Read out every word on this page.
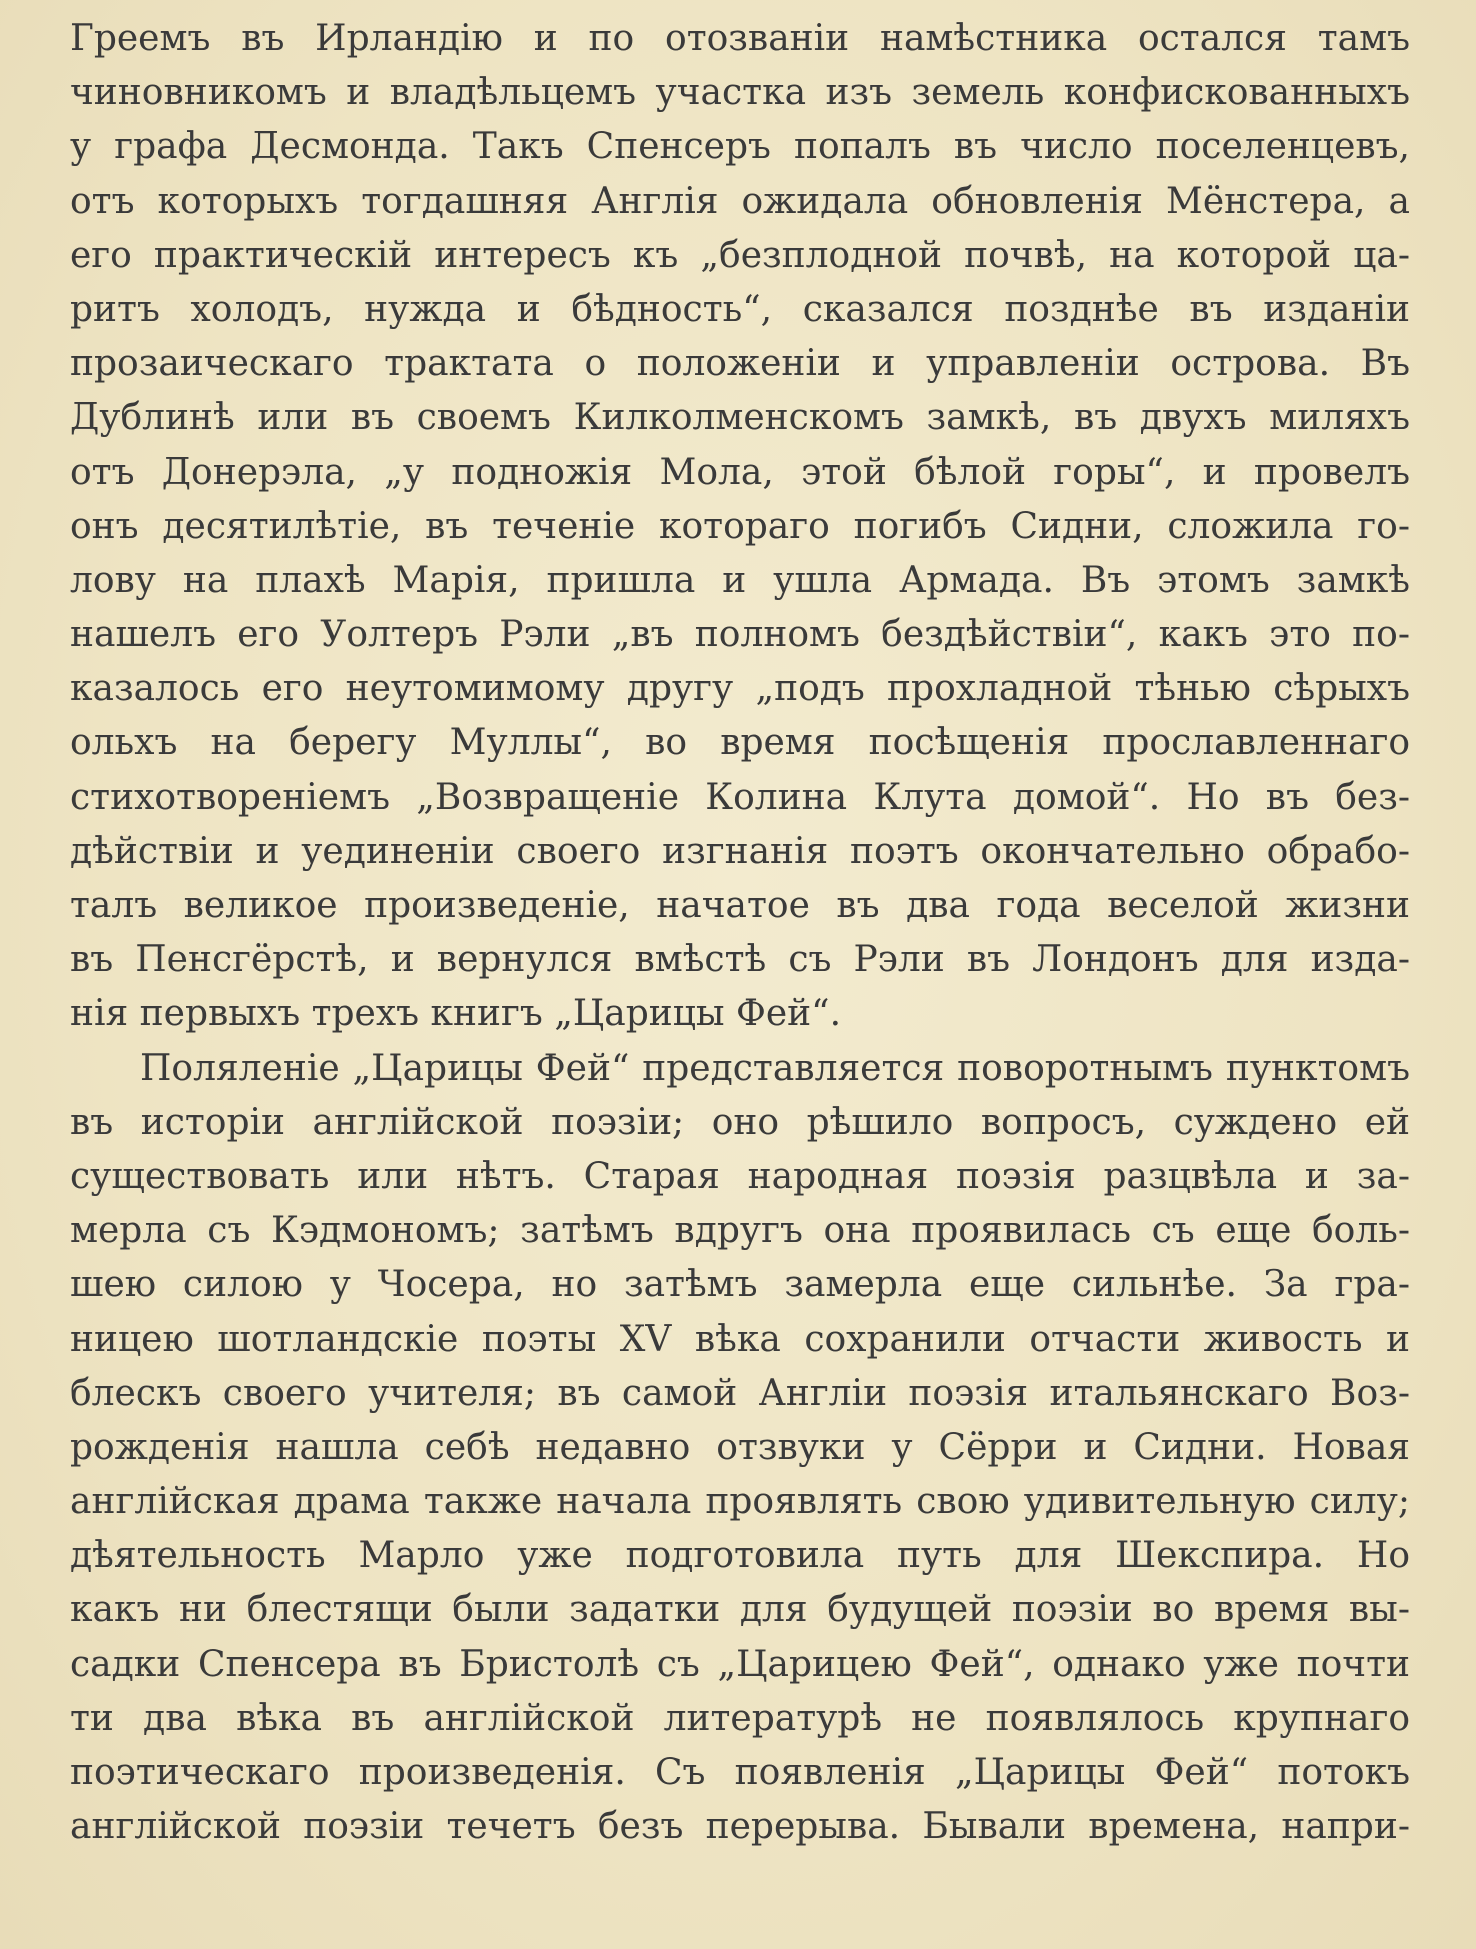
Греемъ въ Ирландію и по отозваніи намѣстника остался тамъ
чиновникомъ и владѣльцемъ участка изъ земель конфискованныхъ
у графа Десмонда. Такъ Спенсеръ попалъ въ число поселенцевъ,
отъ которыхъ тогдашняя Англія ожидала обновленія Мёнстера, а
его практическій интересъ къ „безплодной почвѣ, на которой ца-
ритъ холодъ, нужда и бѣдность“, сказался позднѣе въ изданіи
прозаическаго трактата о положеніи и управленіи острова. Въ
Дублинѣ или въ своемъ Килколменскомъ замкѣ, въ двухъ миляхъ
отъ Донерэла, „у подножія Мола, этой бѣлой горы“, и провелъ
онъ десятилѣтіе, въ теченіе котораго погибъ Сидни, сложила го-
лову на плахѣ Марія, пришла и ушла Армада. Въ этомъ замкѣ
нашелъ его Уолтеръ Рэли „въ полномъ бездѣйствіи“, какъ это по-
казалось его неутомимому другу „подъ прохладной тѣнью сѣрыхъ
ольхъ на берегу Муллы“, во время посѣщенія прославленнаго
стихотвореніемъ „Возвращеніе Колина Клута домой“. Но въ без-
дѣйствіи и уединеніи своего изгнанія поэтъ окончательно обрабо-
талъ великое произведеніе, начатое въ два года веселой жизни
въ Пенсгёрстѣ, и вернулся вмѣстѣ съ Рэли въ Лондонъ для изда-
нія первыхъ трехъ книгъ „Царицы Фей“.
Поляленіе „Царицы Фей“ представляется поворотнымъ пунктомъ
въ исторіи англійской поэзіи; оно рѣшило вопросъ, суждено ей
существовать или нѣтъ. Старая народная поэзія разцвѣла и за-
мерла съ Кэдмономъ; затѣмъ вдругъ она проявилась съ еще боль-
шею силою у Чосера, но затѣмъ замерла еще сильнѣе. За гра-
ницею шотландскіе поэты XV вѣка сохранили отчасти живость и
блескъ своего учителя; въ самой Англіи поэзія итальянскаго Воз-
рожденія нашла себѣ недавно отзвуки у Сёрри и Сидни. Новая
англійская драма также начала проявлять свою удивительную силу;
дѣятельность Марло уже подготовила путь для Шекспира. Но
какъ ни блестящи были задатки для будущей поэзіи во время вы-
садки Спенсера въ Бристолѣ съ „Царицею Фей“, однако уже почти
ти два вѣка въ англійской литературѣ не появлялось крупнаго
поэтическаго произведенія. Съ появленія „Царицы Фей“ потокъ
англійской поэзіи течетъ безъ перерыва. Бывали времена, напри-
